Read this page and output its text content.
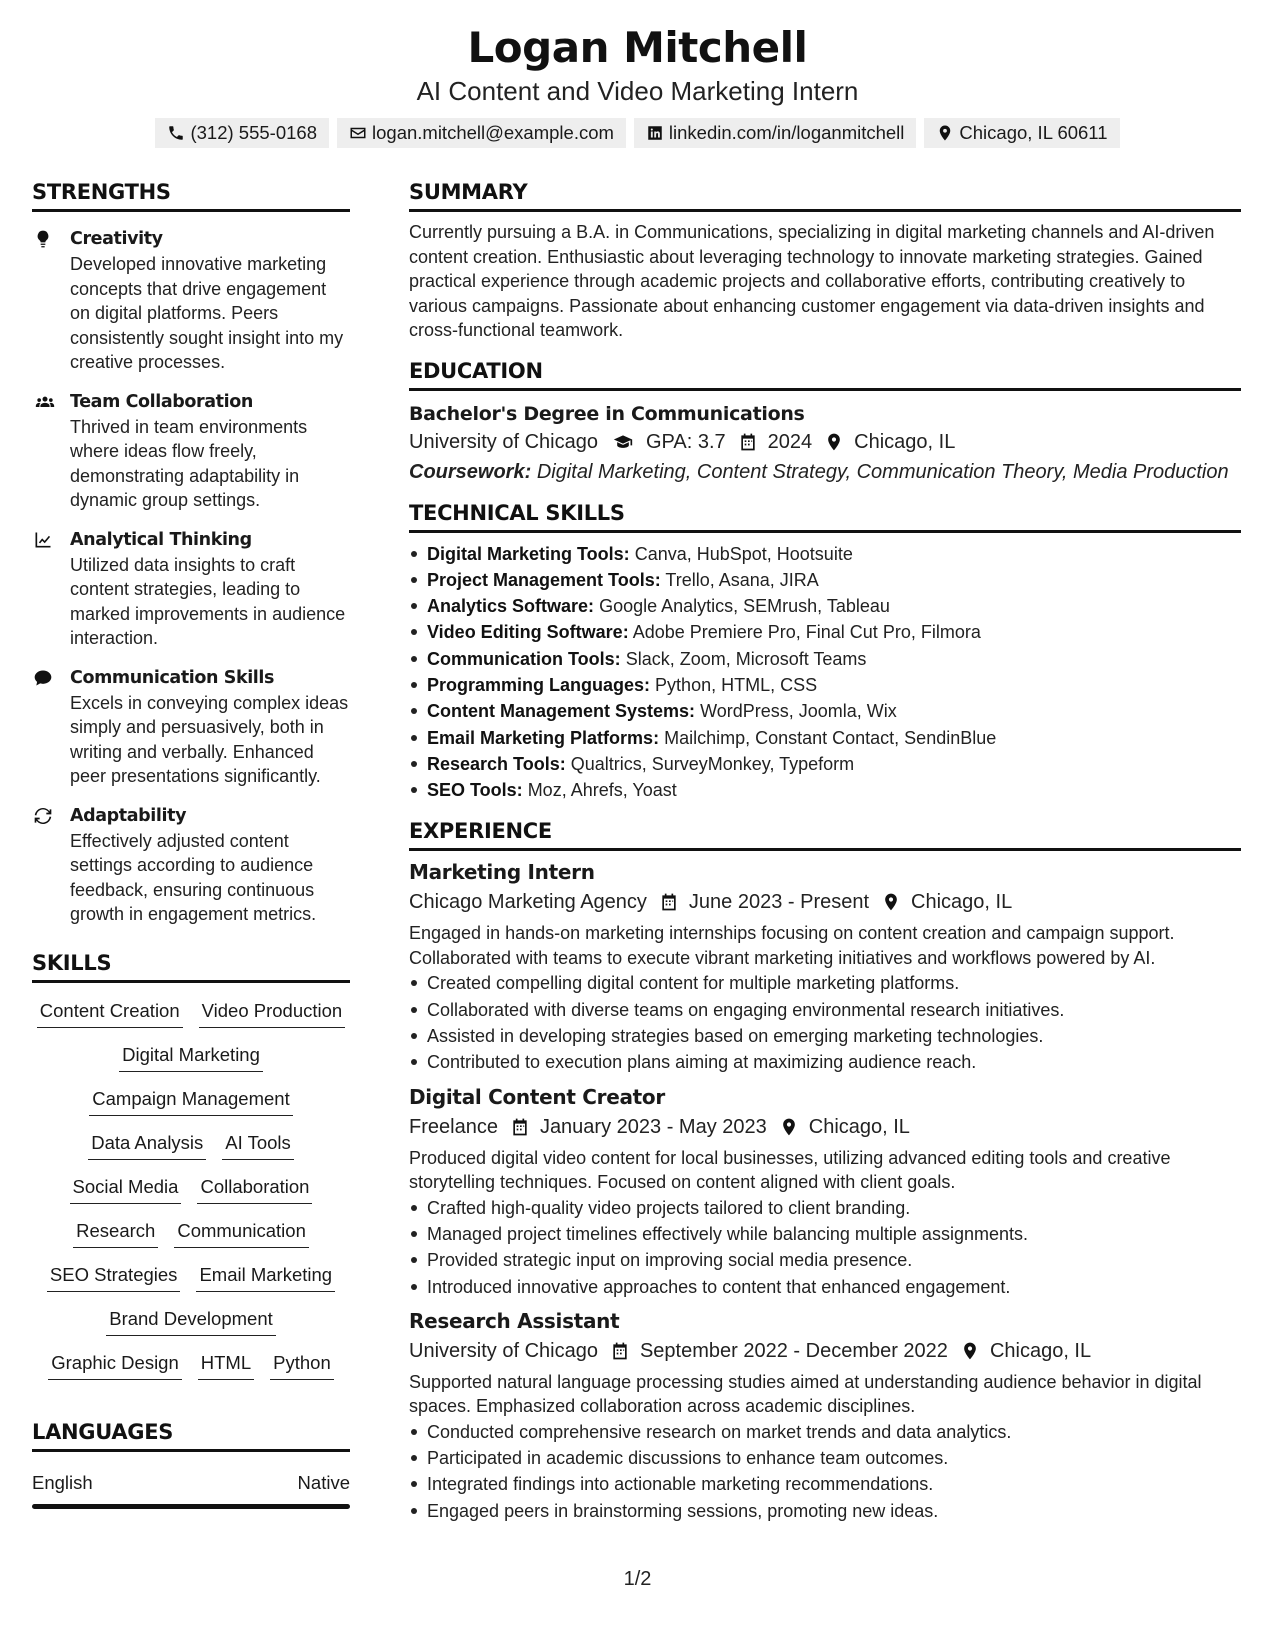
Logan Mitchell
AI Content and Video Marketing Intern
(312) 555-0168	logan.mitchell@example.com	linkedin.com/in/loganmitchell	Chicago, IL 60611
STRENGTHS
Creativity
Developed innovative marketing concepts that drive engagement on digital platforms. Peers consistently sought insight into my creative processes.
Team Collaboration
Thrived in team environments where ideas flow freely, demonstrating adaptability in dynamic group settings.
Analytical Thinking
Utilized data insights to craft content strategies, leading to marked improvements in audience interaction.
Communication Skills
Excels in conveying complex ideas simply and persuasively, both in writing and verbally. Enhanced peer presentations significantly.
Adaptability
Effectively adjusted content settings according to audience feedback, ensuring continuous growth in engagement metrics.
SKILLS
Content Creation Video Production
Digital Marketing
Campaign Management
Data Analysis AI Tools
Social Media Collaboration
Research Communication
SEO Strategies Email Marketing
Brand Development
Graphic Design HTML Python
LANGUAGES
English	Native
SUMMARY
Currently pursuing a B.A. in Communications, specializing in digital marketing channels and AI-driven content creation. Enthusiastic about leveraging technology to innovate marketing strategies. Gained practical experience through academic projects and collaborative efforts, contributing creatively to various campaigns. Passionate about enhancing customer engagement via data-driven insights and cross-functional teamwork.
EDUCATION
Bachelor's Degree in Communications
University of Chicago GPA: 3.7 2024 Chicago, IL
Coursework: Digital Marketing, Content Strategy, Communication Theory, Media Production
TECHNICAL SKILLS
Digital Marketing Tools: Canva, HubSpot, Hootsuite
Project Management Tools: Trello, Asana, JIRA
Analytics Software: Google Analytics, SEMrush, Tableau
Video Editing Software: Adobe Premiere Pro, Final Cut Pro, Filmora
Communication Tools: Slack, Zoom, Microsoft Teams
Programming Languages: Python, HTML, CSS
Content Management Systems: WordPress, Joomla, Wix
Email Marketing Platforms: Mailchimp, Constant Contact, SendinBlue
Research Tools: Qualtrics, SurveyMonkey, Typeform
SEO Tools: Moz, Ahrefs, Yoast
EXPERIENCE
Marketing Intern
Chicago Marketing Agency June 2023 - Present Chicago, IL
Engaged in hands-on marketing internships focusing on content creation and campaign support. Collaborated with teams to execute vibrant marketing initiatives and workflows powered by AI.
Created compelling digital content for multiple marketing platforms.
Collaborated with diverse teams on engaging environmental research initiatives.
Assisted in developing strategies based on emerging marketing technologies.
Contributed to execution plans aiming at maximizing audience reach.
Digital Content Creator
Freelance January 2023 - May 2023 Chicago, IL
Produced digital video content for local businesses, utilizing advanced editing tools and creative storytelling techniques. Focused on content aligned with client goals.
Crafted high-quality video projects tailored to client branding.
Managed project timelines effectively while balancing multiple assignments.
Provided strategic input on improving social media presence.
Introduced innovative approaches to content that enhanced engagement.
Research Assistant
University of Chicago September 2022 - December 2022 Chicago, IL
Supported natural language processing studies aimed at understanding audience behavior in digital spaces. Emphasized collaboration across academic disciplines.
Conducted comprehensive research on market trends and data analytics.
Participated in academic discussions to enhance team outcomes.
Integrated findings into actionable marketing recommendations.
Engaged peers in brainstorming sessions, promoting new ideas.
1/2
